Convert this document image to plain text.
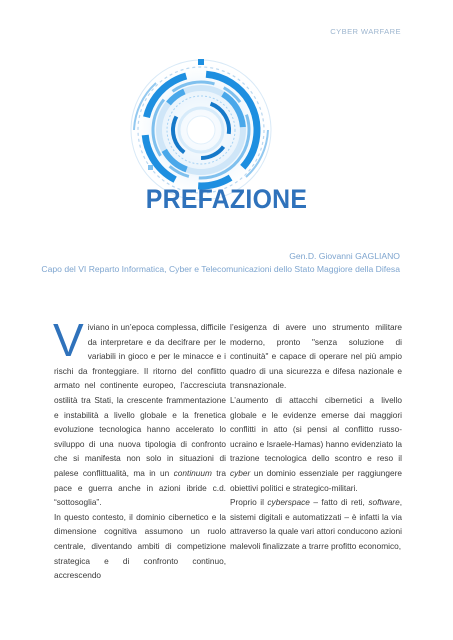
CYBER WARFARE
PREFAZIONE
Gen.D. Giovanni GAGLIANO
Capo del VI Reparto Informatica, Cyber e Telecomunicazioni dello Stato Maggiore della Difesa

Viviano in un’epoca complessa, difficile da interpretare e da decifrare per le variabili in gioco e per le minacce e i rischi da fronteggiare. Il ritorno del conflitto armato nel continente europeo, l’accresciuta ostilità tra Stati, la crescente frammentazione e instabilità a livello globale e la frenetica evoluzione tecnologica hanno accelerato lo sviluppo di una nuova tipologia di confronto che si manifesta non solo in situazioni di palese conflittualità, ma in un continuum tra pace e guerra anche in azioni ibride c.d. “sottosoglia”.

In questo contesto, il dominio cibernetico e la dimensione cognitiva assumono un ruolo centrale, diventando ambiti di competizione strategica e di confronto continuo, accrescendo

l’esigenza di avere uno strumento militare moderno, pronto "senza soluzione di continuità" e capace di operare nel più ampio quadro di una sicurezza e difesa nazionale e transnazionale.

L’aumento di attacchi cibernetici a livello globale e le evidenze emerse dai maggiori conflitti in atto (si pensi al conflitto russo-ucraino e Israele-Hamas) hanno evidenziato la trazione tecnologica dello scontro e reso il cyber un dominio essenziale per raggiungere obiettivi politici e strategico-militari.

Proprio il cyberspace – fatto di reti, software, sistemi digitali e automatizzati – è infatti la via attraverso la quale vari attori conducono azioni malevoli finalizzate a trarre profitto economico,
